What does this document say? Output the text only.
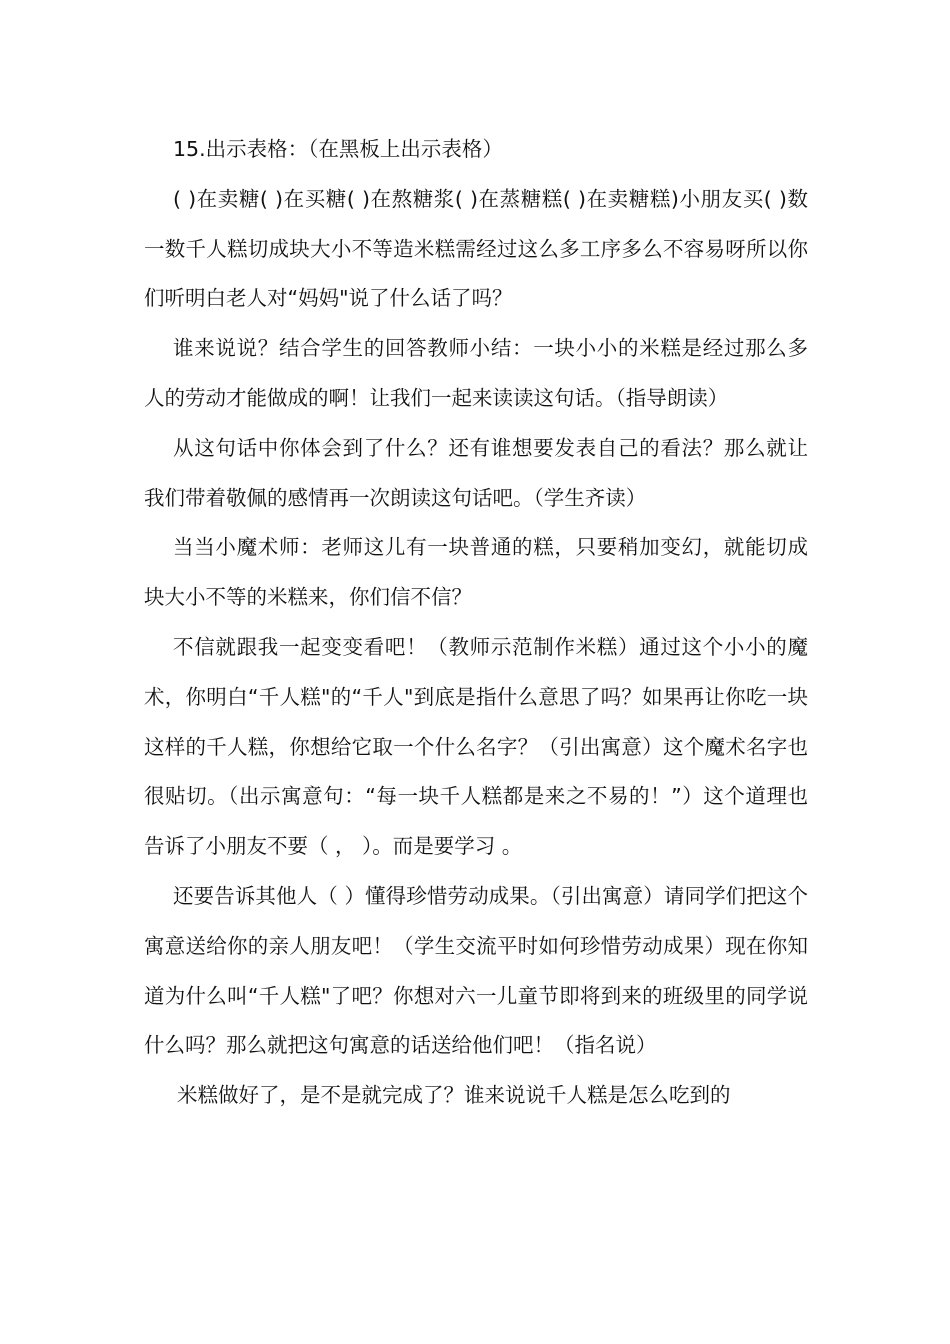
15.出示表格：（在黑板上出示表格）

( )在卖糖( )在买糖( )在熬糖浆( )在蒸糖糕( )在卖糖糕)小朋友买( )数一数千人糕切成块大小不等造米糕需经过这么多工序多么不容易呀所以你们听明白老人对“妈妈"说了什么话了吗？

谁来说说？结合学生的回答教师小结：一块小小的米糕是经过那么多人的劳动才能做成的啊！让我们一起来读读这句话。（指导朗读）

从这句话中你体会到了什么？还有谁想要发表自己的看法？那么就让我们带着敬佩的感情再一次朗读这句话吧。（学生齐读）

当当小魔术师：老师这儿有一块普通的糕，只要稍加变幻，就能切成块大小不等的米糕来，你们信不信？

不信就跟我一起变变看吧！（教师示范制作米糕）通过这个小小的魔术，你明白“千人糕"的“千人"到底是指什么意思了吗？如果再让你吃一块这样的千人糕，你想给它取一个什么名字？（引出寓意）这个魔术名字也很贴切。（出示寓意句：“每一块千人糕都是来之不易的！”）这个道理也告诉了小朋友不要（ ， ）。而是要学习 。

还要告诉其他人（ ）懂得珍惜劳动成果。（引出寓意）请同学们把这个寓意送给你的亲人朋友吧！（学生交流平时如何珍惜劳动成果）现在你知道为什么叫“千人糕"了吧？你想对六一儿童节即将到来的班级里的同学说什么吗？那么就把这句寓意的话送给他们吧！（指名说）

米糕做好了，是不是就完成了？谁来说说千人糕是怎么吃到的
